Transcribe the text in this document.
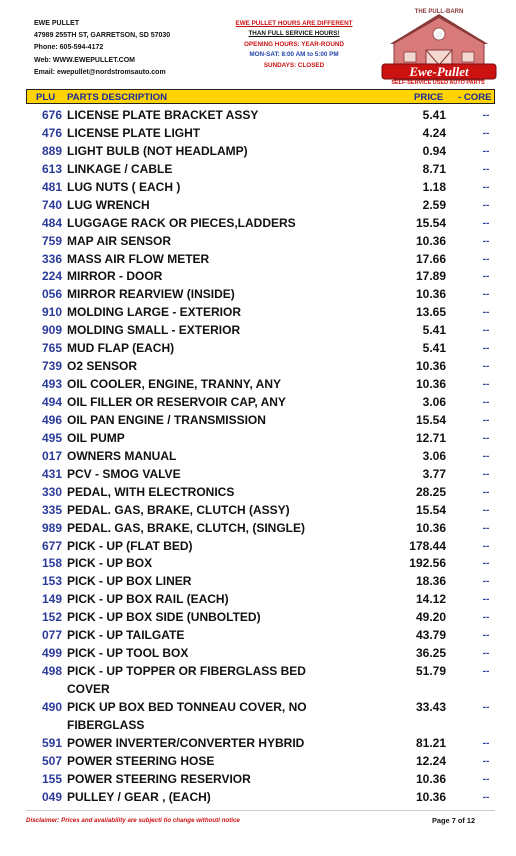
EWE PULLET
47989 255TH ST, GARRETSON, SD 57030
Phone: 605-594-4172
Web: WWW.EWEPULLET.COM
Email: ewepullet@nordstromsauto.com
EWE PULLET HOURS ARE DIFFERENT
THAN FULL SERVICE HOURS!
OPENING HOURS: YEAR-ROUND
MON-SAT: 8:00 AM to 5:00 PM
SUNDAYS: CLOSED
THE PULL-BARN
Ewe-Pullet
SELF-SERVICE USED AUTO PARTS
PLU PARTS DESCRIPTION	PRICE - CORE
676 LICENSE PLATE BRACKET ASSY	5.41	--
476 LICENSE PLATE LIGHT	4.24	--
889 LIGHT BULB (NOT HEADLAMP)	0.94	--
613 LINKAGE / CABLE	8.71	--
481 LUG NUTS ( EACH )	1.18	--
740 LUG WRENCH	2.59	--
484 LUGGAGE RACK OR PIECES,LADDERS	15.54	--
759 MAP AIR SENSOR	10.36	--
336 MASS AIR FLOW METER	17.66	--
224 MIRROR - DOOR	17.89	--
056 MIRROR REARVIEW (INSIDE)	10.36	--
910 MOLDING LARGE - EXTERIOR	13.65	--
909 MOLDING SMALL - EXTERIOR	5.41	--
765 MUD FLAP (EACH)	5.41	--
739 O2 SENSOR	10.36	--
493 OIL COOLER, ENGINE, TRANNY, ANY	10.36	--
494 OIL FILLER OR RESERVOIR CAP, ANY	3.06	--
496 OIL PAN ENGINE / TRANSMISSION	15.54	--
495 OIL PUMP	12.71	--
017 OWNERS MANUAL	3.06	--
431 PCV - SMOG VALVE	3.77	--
330 PEDAL, WITH ELECTRONICS	28.25	--
335 PEDAL. GAS, BRAKE, CLUTCH (ASSY)	15.54	--
989 PEDAL. GAS, BRAKE, CLUTCH, (SINGLE)	10.36	--
677 PICK - UP (FLAT BED)	178.44	--
158 PICK - UP BOX	192.56	--
153 PICK - UP BOX LINER	18.36	--
149 PICK - UP BOX RAIL (EACH)	14.12	--
152 PICK - UP BOX SIDE (UNBOLTED)	49.20	--
077 PICK - UP TAILGATE	43.79	--
499 PICK - UP TOOL BOX	36.25	--
498 PICK - UP TOPPER OR FIBERGLASS BED COVER
51.79	--
490 PICK UP BOX BED TONNEAU COVER, NO FIBERGLASS
33.43	--
591 POWER INVERTER/CONVERTER HYBRID	81.21	--
507 POWER STEERING HOSE	12.24	--
155 POWER STEERING RESERVIOR	10.36	--
049 PULLEY / GEAR , (EACH)	10.36	--
Disclaimer: Prices and availability are subjecti tio change withouti notice	Page 7 of 12
